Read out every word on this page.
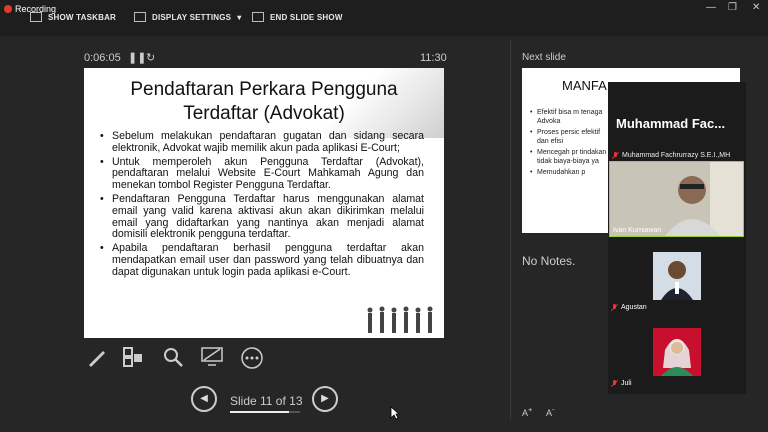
Recording
SHOW TASKBAR	DISPLAY SETTINGS ▾	END SLIDE SHOW
— ❐ ✕
0:06:05 ❚❚ ↻	11:30
Pendaftaran Perkara Pengguna
Terdaftar (Advokat)
• Sebelum melakukan pendaftaran gugatan dan sidang secara elektronik, Advokat wajib memilik akun pada aplikasi E-Court;
• Untuk memperoleh akun Pengguna Terdaftar (Advokat), pendaftaran melalui Website E-Court Mahkamah Agung dan menekan tombol Register Pengguna Terdaftar.
• Pendaftaran Pengguna Terdaftar harus menggunakan alamat email yang valid karena aktivasi akun akan dikirimkan melalui email yang didaftarkan yang nantinya akan menjadi alamat domisili elektronik pengguna terdaftar.
• Apabila pendaftaran berhasil pengguna terdaftar akan mendapatkan email user dan password yang telah dibuatnya dan dapat digunakan untuk login pada aplikasi e-Court.
◀	Slide 11 of 13	▶
Next slide
MANFA
• Efektif bisa m tenaga Advoka
• Proses persic efektif dan efisi
• Mencegah pr tindakan tidak biaya-biaya ya
• Memudahkan p
No Notes.
A+ A-
Muhammad Fac...
Muhammad Fachrurrazy S.E.I.,MH
Ivan Kurniawan
Agustan
Juli
